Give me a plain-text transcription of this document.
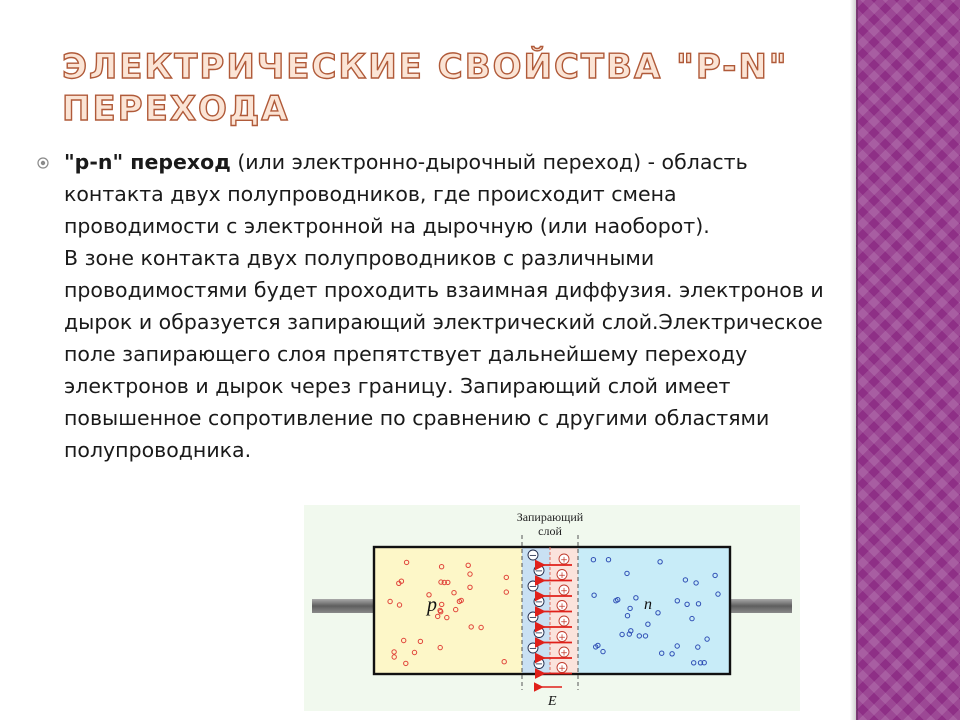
ЭЛЕКТРИЧЕСКИЕ СВОЙСТВА "P-N" ПЕРЕХОДА
"p-n" переход (или электронно-дырочный переход) - область контакта двух полупроводников, где происходит смена проводимости с электронной на дырочную (или наоборот).
В зоне контакта двух полупроводников с различными проводимостями будет проходить взаимная диффузия. электронов и дырок и образуется запирающий электрический слой.Электрическое поле запирающего слоя препятствует дальнейшему переходу электронов и дырок через границу. Запирающий слой имеет повышенное сопротивление по сравнению с другими областями полупроводника.
−
−
−
−
−
−
−
−
+
+
+
+
+
+
+
+
Запирающий
слой
p	n
E
